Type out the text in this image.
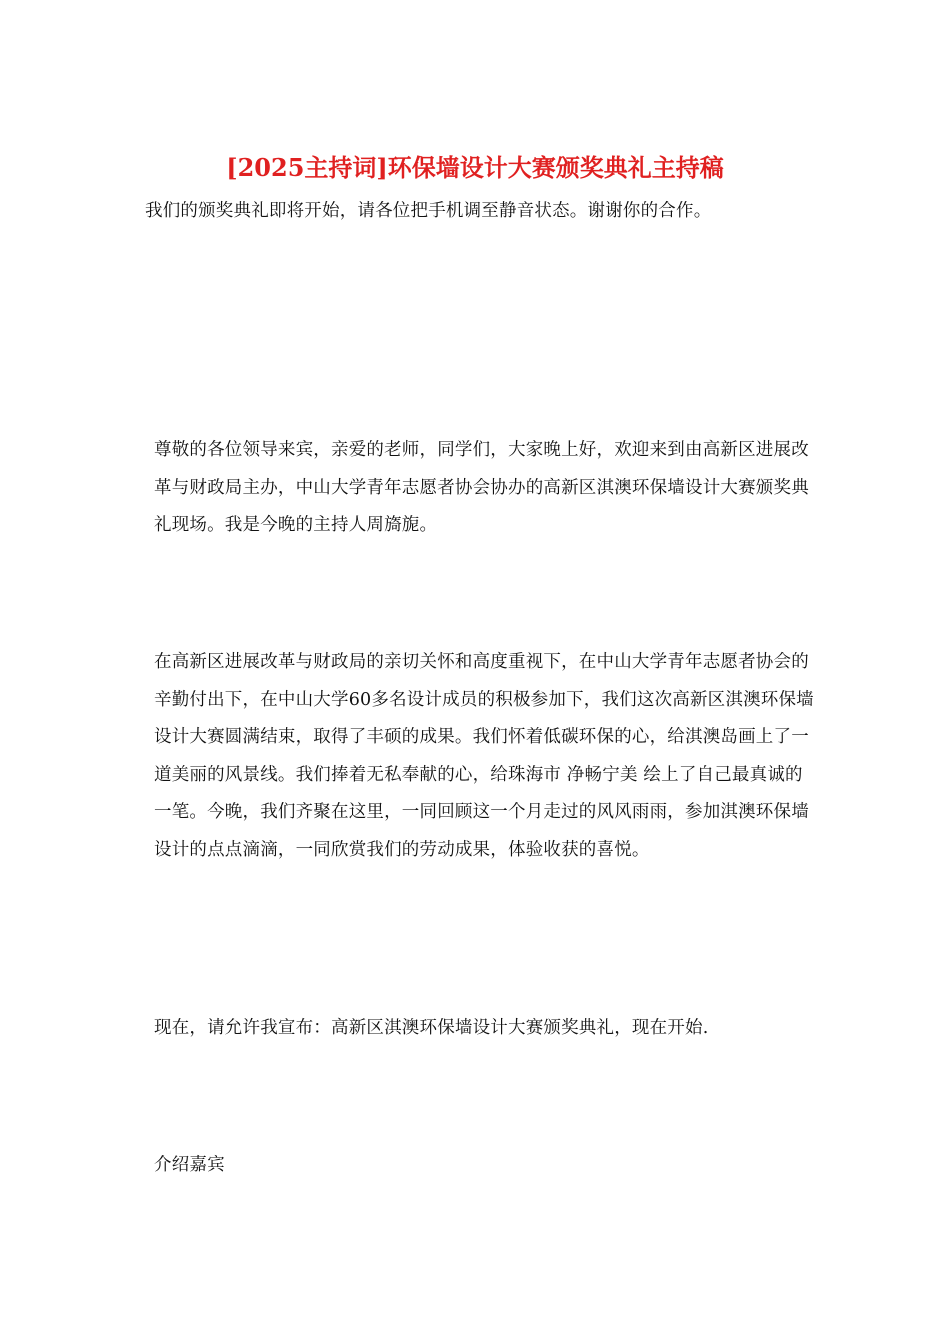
[2025主持词]环保墙设计大赛颁奖典礼主持稿

我们的颁奖典礼即将开始，请各位把手机调至静音状态。谢谢你的合作。

尊敬的各位领导来宾，亲爱的老师，同学们，大家晚上好，欢迎来到由高新区进展改革与财政局主办，中山大学青年志愿者协会协办的高新区淇澳环保墙设计大赛颁奖典礼现场。我是今晚的主持人周旖旎。

在高新区进展改革与财政局的亲切关怀和高度重视下，在中山大学青年志愿者协会的辛勤付出下，在中山大学60多名设计成员的积极参加下，我们这次高新区淇澳环保墙设计大赛圆满结束，取得了丰硕的成果。我们怀着低碳环保的心，给淇澳岛画上了一道美丽的风景线。我们捧着无私奉献的心，给珠海市 净畅宁美 绘上了自己最真诚的一笔。今晚，我们齐聚在这里，一同回顾这一个月走过的风风雨雨，参加淇澳环保墙设计的点点滴滴，一同欣赏我们的劳动成果，体验收获的喜悦。

现在，请允许我宣布：高新区淇澳环保墙设计大赛颁奖典礼，现在开始.

介绍嘉宾
